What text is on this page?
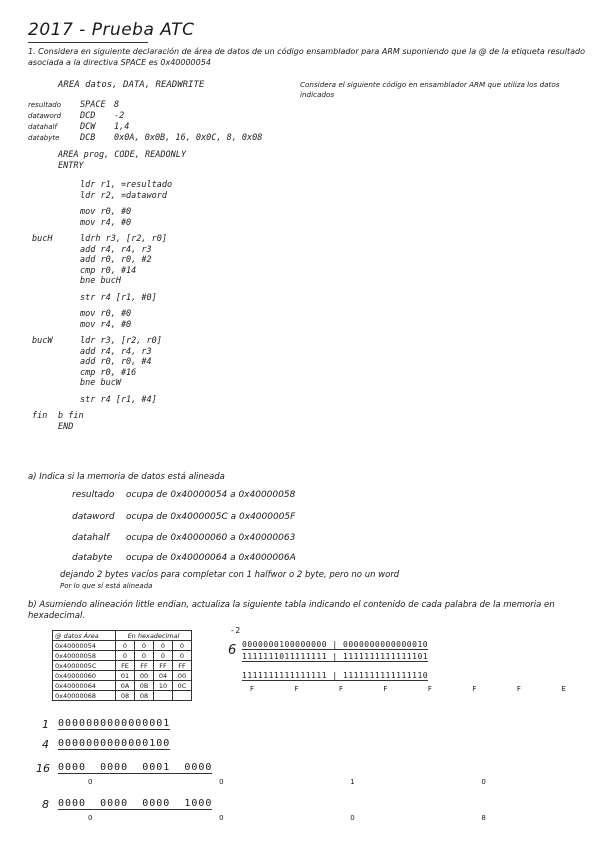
2017 - Prueba ATC
1. Considera en siguiente declaración de área de datos de un código ensamblador para ARM suponiendo que la @ de la etiqueta resultado asociada a la directiva SPACE es 0x40000054
Considera el siguiente código en ensamblador ARM que utiliza los datos indicados
AREA datos, DATA, READWRITE
resultado SPACE 8
dataword DCD -2
datahalf	DCW 1,4
databyte DCB 0x0A, 0x0B, 16, 0x0C, 8, 0x08
AREA prog, CODE, READONLY
ENTRY
ldr r1, =resultado
ldr r2, =dataword
mov r0, #0
mov r4, #0
bucH	ldrh r3, [r2, r0]
add r4, r4, r3
add r0, r0, #2
cmp r0, #14
bne bucH
str r4 [r1, #0]
mov r0, #0
mov r4, #0
bucW	ldr r3, [r2, r0]
add r4, r4, r3
add r0, r0, #4
cmp r0, #16
bne bucW
str r4 [r1, #4]
fin b fin
END
a) Indica si la memoria de datos está alineada
resultado ocupa de 0x40000054 a 0x40000058
dataword ocupa de 0x4000005C a 0x4000005F
datahalf ocupa de 0x40000060 a 0x40000063
databyte ocupa de 0x40000064 a 0x4000006A
dejando 2 bytes vacíos para completar con 1 halfwor o 2 byte, pero no un word
Por lo que sí está alineada
b) Asumiendo alineación little endian, actualiza la siguiente tabla indicando el contenido de cada palabra de la memoria en hexadecimal.
@ datos Área	En hexadecimal			
0x40000054	0	0	0	0
0x40000058	0	0	0	0
0x4000005C	FE	FF	FF	FF
0x40000060	01	00	04	00
0x40000064	0A	0B	10	0C
0x40000068	08	08		
-2
6 0000000100000000 | 0000000000000010
1111111011111111 | 1111111111111101
1111111111111111 | 1111111111111110
F  F  F  F  F  F  F  E
1 0000000000000001
4 0000000000000100
16 0000  0000  0001  0000
0   0   1   0
8 0000  0000  0000  1000
0   0   0   8
